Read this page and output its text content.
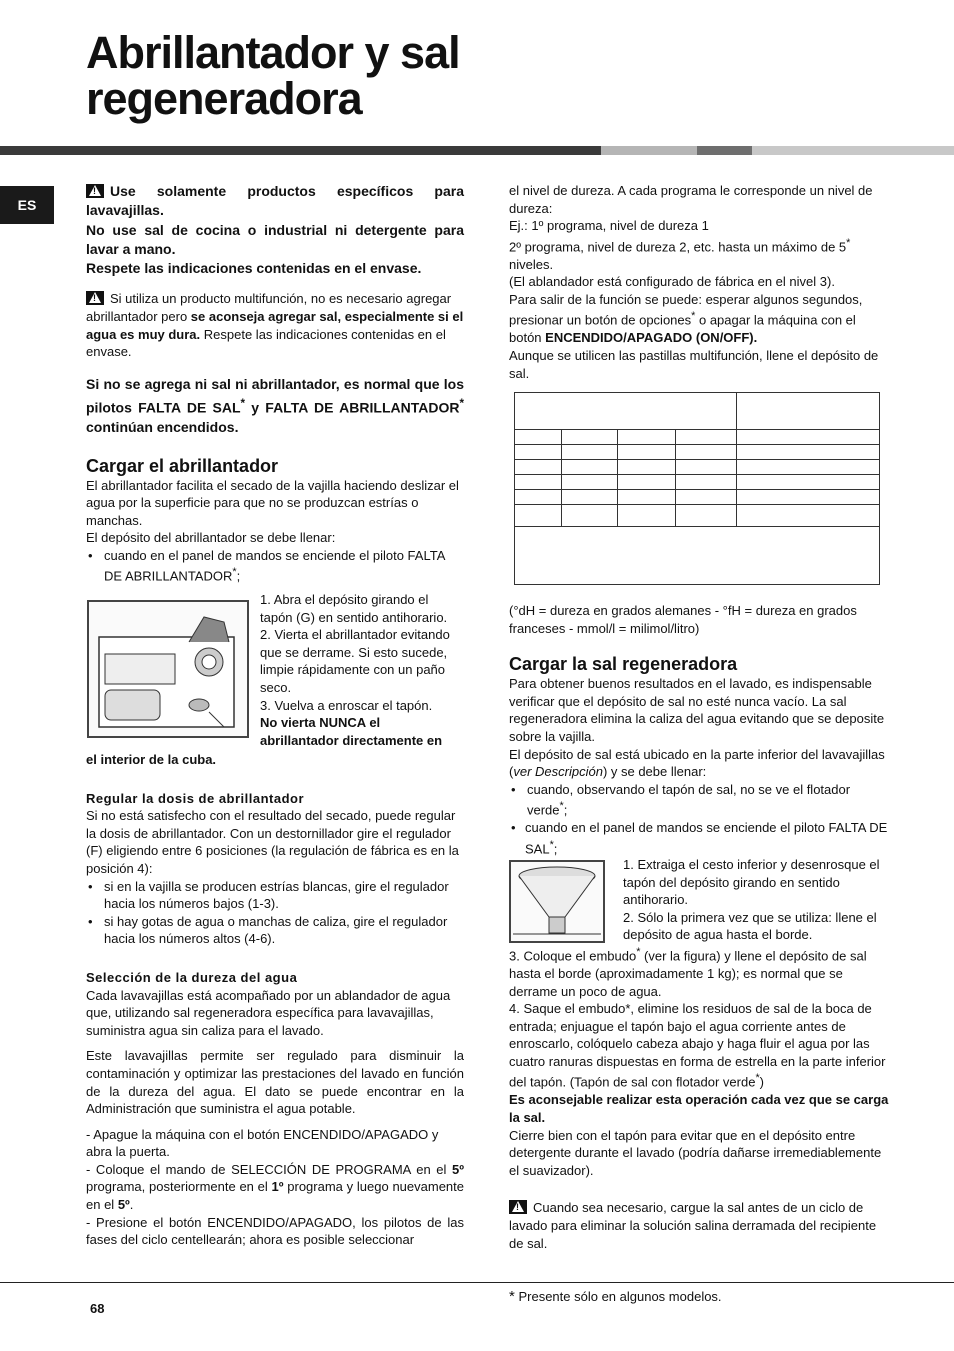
Abrillantador y sal
regeneradora
ES

!Use solamente productos específicos para lavavajillas.
No use sal de cocina o industrial ni detergente para lavar a mano.
Respete las indicaciones contenidas en el envase.

!Si utiliza un producto multifunción, no es necesario agregar abrillantador pero se aconseja agregar sal, especialmente si el agua es muy dura. Respete las indicaciones contenidas en el envase.

Si no se agrega ni sal ni abrillantador, es normal que los pilotos FALTA DE SAL* y FALTA DE ABRILLANTADOR* continúan encendidos.

Cargar el abrillantador

El abrillantador facilita el secado de la vajilla haciendo deslizar el agua por la superficie para que no se produzcan estrías o manchas.

El depósito del abrillantador se debe llenar:

• cuando en el panel de mandos se enciende el piloto FALTA DE ABRILLANTADOR*;

1. Abra el depósito girando el tapón (G) en sentido antihorario.

2. Vierta el abrillantador evitando que se derrame. Si esto sucede, limpie rápidamente con un paño seco.

3. Vuelva a enroscar el tapón.

No vierta NUNCA el abrillantador directamente en

el interior de la cuba.

Regular la dosis de abrillantador

Si no está satisfecho con el resultado del secado, puede regular la dosis de abrillantador. Con un destornillador gire el regulador (F) eligiendo entre 6 posiciones (la regulación de fábrica es en la posición 4):

• si en la vajilla se producen estrías blancas, gire el regulador hacia los números bajos (1-3).

• si hay gotas de agua o manchas de caliza, gire el regulador hacia los números altos (4-6).

Selección de la dureza del agua

Cada lavavajillas está acompañado por un ablandador de agua que, utilizando sal regeneradora específica para lavavajillas, suministra agua sin caliza para el lavado.

Este lavavajillas permite ser regulado para disminuir la contaminación y optimizar las prestaciones del lavado en función de la dureza del agua. El dato se puede encontrar en la Administración que suministra el agua potable.

- Apague la máquina con el botón ENCENDIDO/APAGADO y abra la puerta.

- Coloque el mando de SELECCIÓN DE PROGRAMA en el 5º programa, posteriormente en el 1º programa y luego nuevamente en el 5º.

- Presione el botón ENCENDIDO/APAGADO, los pilotos de las fases del ciclo centellearán; ahora es posible seleccionar

el nivel de dureza. A cada programa le corresponde un nivel de dureza:

Ej.: 1º programa, nivel de dureza 1

2º programa, nivel de dureza 2, etc. hasta un máximo de 5* niveles.

(El ablandador está configurado de fábrica en el nivel 3).

Para salir de la función se puede: esperar algunos segundos, presionar un botón de opciones* o apagar la máquina con el botón ENCENDIDO/APAGADO (ON/OFF).

Aunque se utilicen las pastillas multifunción, llene el depósito de sal.

(°dH = dureza en grados alemanes - °fH = dureza en grados franceses - mmol/l = milimol/litro)

Cargar la sal regeneradora

Para obtener buenos resultados en el lavado, es indispensable verificar que el depósito de sal no esté nunca vacío. La sal regeneradora elimina la caliza del agua evitando que se deposite sobre la vajilla.

El depósito de sal está ubicado en la parte inferior del lavavajillas (ver Descripción) y se debe llenar:

• cuando, observando el tapón de sal, no se ve el flotador verde*;

• cuando en el panel de mandos se enciende el piloto FALTA DE SAL*;

1. Extraiga el cesto inferior y desenrosque el tapón del depósito girando en sentido antihorario.

2. Sólo la primera vez que se utiliza: llene el depósito de agua hasta el borde.

3. Coloque el embudo* (ver la figura) y llene el depósito de sal hasta el borde (aproximadamente 1 kg); es normal que se derrame un poco de agua.

4. Saque el embudo*, elimine los residuos de sal de la boca de entrada; enjuague el tapón bajo el agua corriente antes de enroscarlo, colóquelo cabeza abajo y haga fluir el agua por las cuatro ranuras dispuestas en forma de estrella en la parte inferior del tapón. (Tapón de sal con flotador verde*)

Es aconsejable realizar esta operación cada vez que se carga la sal.

Cierre bien con el tapón para evitar que en el depósito entre detergente durante el lavado (podría dañarse irremediablemente el suavizador).

!Cuando sea necesario, cargue la sal antes de un ciclo de lavado para eliminar la solución salina derramada del recipiente de sal.

68
* Presente sólo en algunos modelos.
